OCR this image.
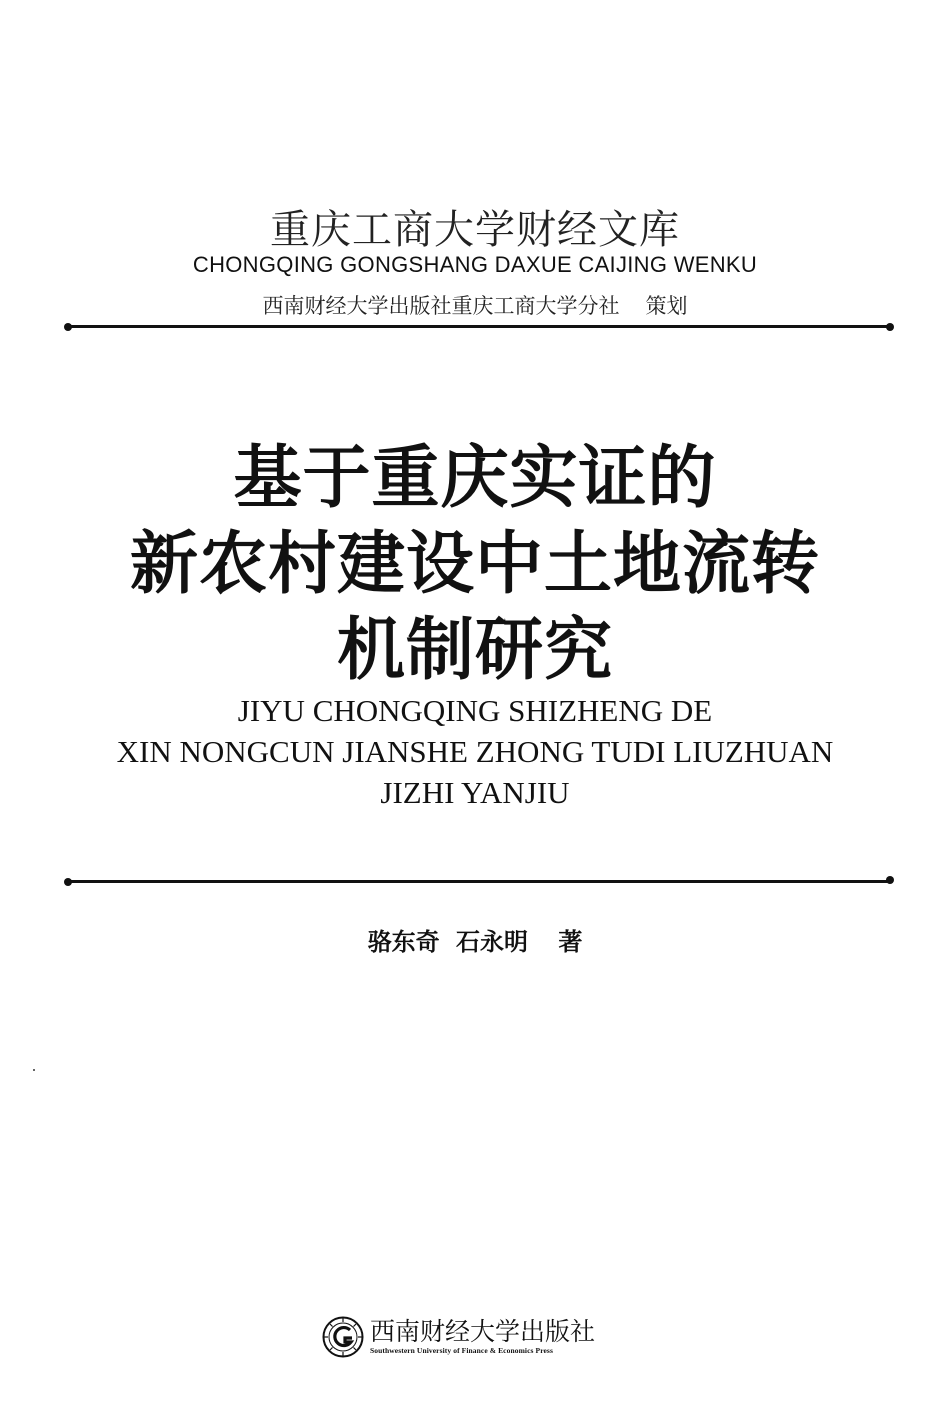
重庆工商大学财经文库
CHONGQING GONGSHANG DAXUE CAIJING WENKU
西南财经大学出版社重庆工商大学分社 策划
基于重庆实证的
新农村建设中土地流转
机制研究
JIYU CHONGQING SHIZHENG DE
XIN NONGCUN JIANSHE ZHONG TUDI LIUZHUAN
JIZHI YANJIU
骆东奇 石永明 著
西南财经大学出版社
Southwestern University of Finance & Economics Press
